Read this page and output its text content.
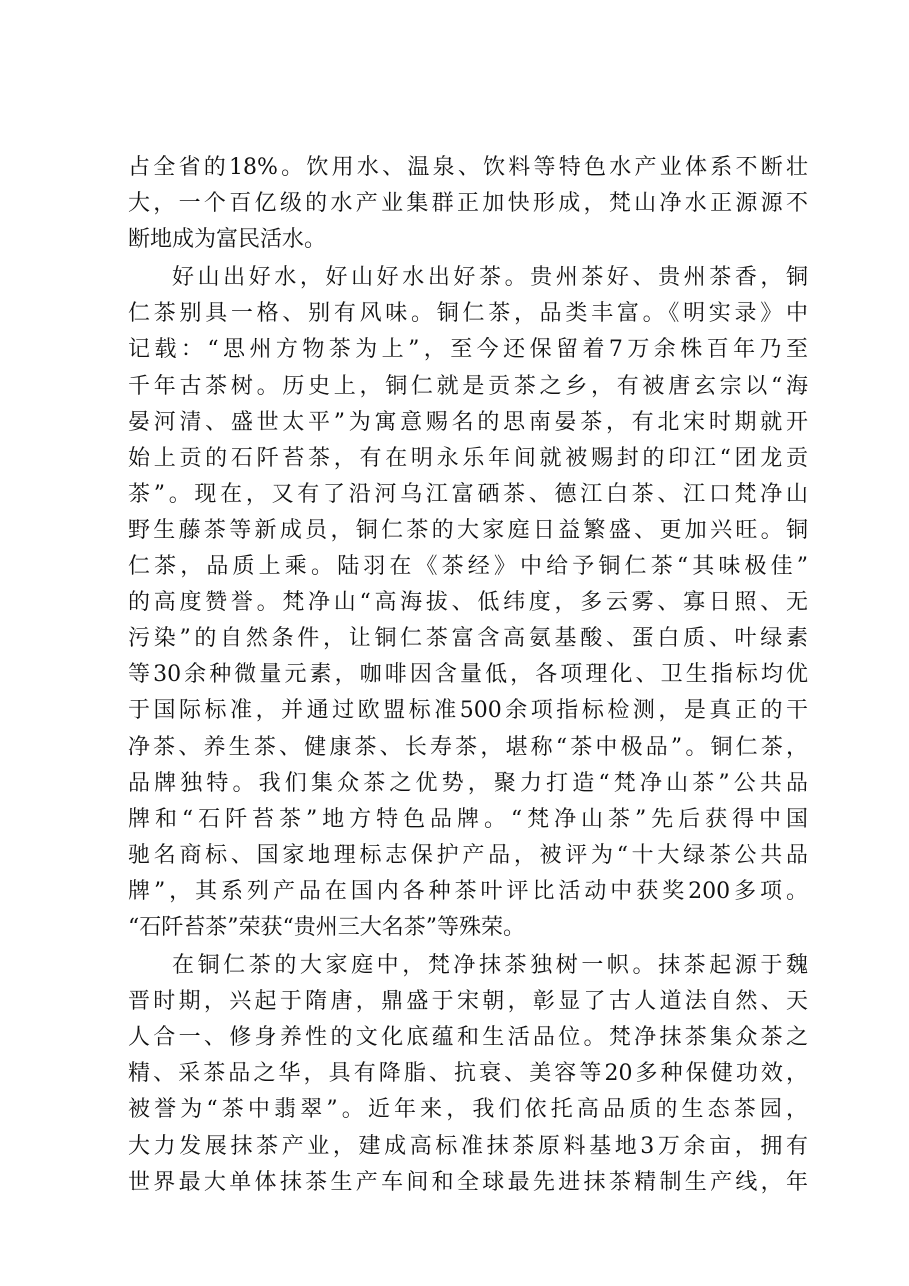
占全省的18%。饮用水、温泉、饮料等特色水产业体系不断壮
大，一个百亿级的水产业集群正加快形成，梵山净水正源源不
断地成为富民活水。
好山出好水，好山好水出好茶。贵州茶好、贵州茶香，铜
仁茶别具一格、别有风味。铜仁茶，品类丰富。《明实录》中
记载：“思州方物茶为上”，至今还保留着7万余株百年乃至
千年古茶树。历史上，铜仁就是贡茶之乡，有被唐玄宗以“海
晏河清、盛世太平”为寓意赐名的思南晏茶，有北宋时期就开
始上贡的石阡苔茶，有在明永乐年间就被赐封的印江“团龙贡
茶”。现在，又有了沿河乌江富硒茶、德江白茶、江口梵净山
野生藤茶等新成员，铜仁茶的大家庭日益繁盛、更加兴旺。铜
仁茶，品质上乘。陆羽在《茶经》中给予铜仁茶“其味极佳”
的高度赞誉。梵净山“高海拔、低纬度，多云雾、寡日照、无
污染”的自然条件，让铜仁茶富含高氨基酸、蛋白质、叶绿素
等30余种微量元素，咖啡因含量低，各项理化、卫生指标均优
于国际标准，并通过欧盟标准500余项指标检测，是真正的干
净茶、养生茶、健康茶、长寿茶，堪称“茶中极品”。铜仁茶，
品牌独特。我们集众茶之优势，聚力打造“梵净山茶”公共品
牌和“石阡苔茶”地方特色品牌。“梵净山茶”先后获得中国
驰名商标、国家地理标志保护产品，被评为“十大绿茶公共品
牌”，其系列产品在国内各种茶叶评比活动中获奖200多项。
“石阡苔茶”荣获“贵州三大名茶”等殊荣。
在铜仁茶的大家庭中，梵净抹茶独树一帜。抹茶起源于魏
晋时期，兴起于隋唐，鼎盛于宋朝，彰显了古人道法自然、天
人合一、修身养性的文化底蕴和生活品位。梵净抹茶集众茶之
精、采茶品之华，具有降脂、抗衰、美容等20多种保健功效，
被誉为“茶中翡翠”。近年来，我们依托高品质的生态茶园，
大力发展抹茶产业，建成高标准抹茶原料基地3万余亩，拥有
世界最大单体抹茶生产车间和全球最先进抹茶精制生产线，年
